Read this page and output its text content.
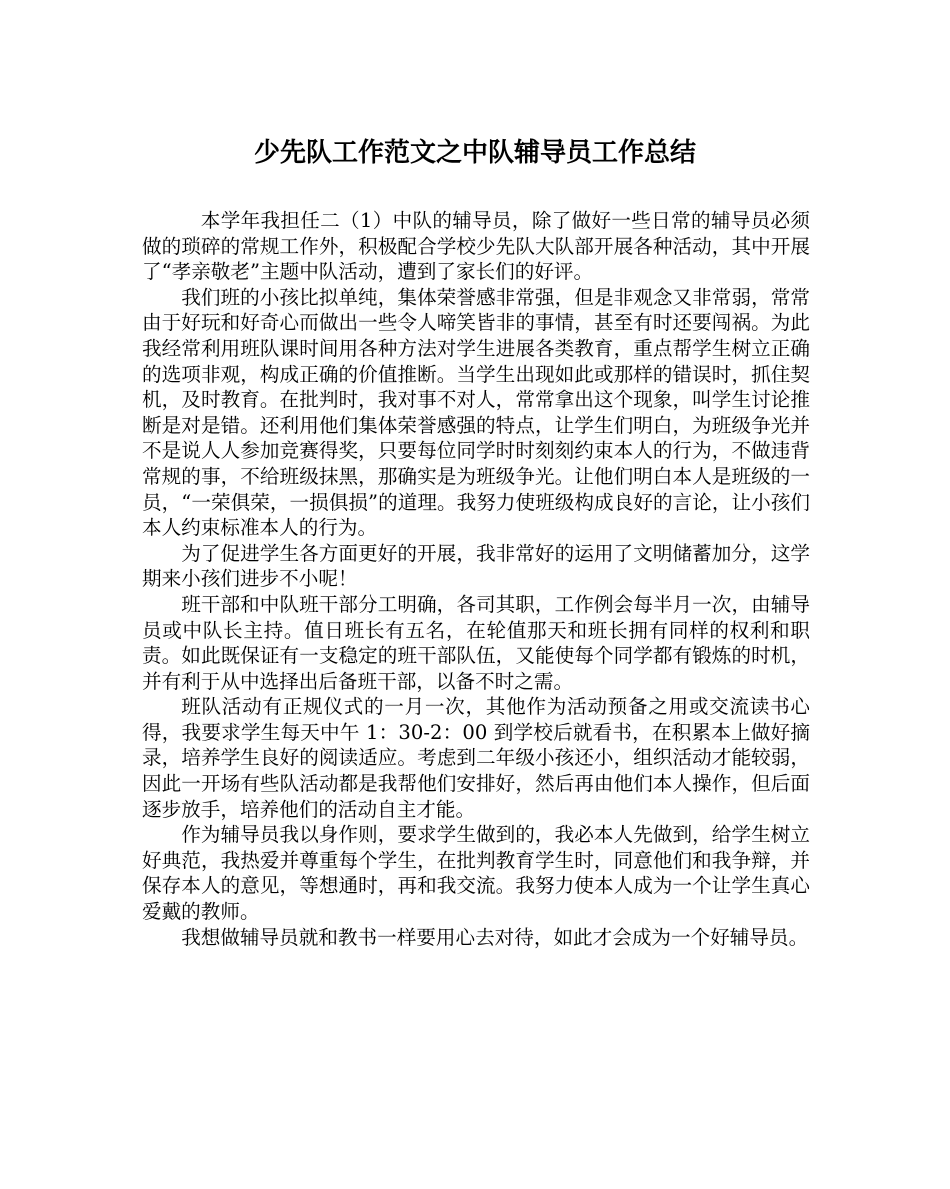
少先队工作范文之中队辅导员工作总结

本学年我担任二（1）中队的辅导员，除了做好一些日常的辅导员必须做的琐碎的常规工作外，积极配合学校少先队大队部开展各种活动，其中开展了“孝亲敬老”主题中队活动，遭到了家长们的好评。

我们班的小孩比拟单纯，集体荣誉感非常强，但是非观念又非常弱，常常由于好玩和好奇心而做出一些令人啼笑皆非的事情，甚至有时还要闯祸。为此我经常利用班队课时间用各种方法对学生进展各类教育，重点帮学生树立正确的选项非观，构成正确的价值推断。当学生出现如此或那样的错误时，抓住契机，及时教育。在批判时，我对事不对人，常常拿出这个现象，叫学生讨论推断是对是错。还利用他们集体荣誉感强的特点，让学生们明白，为班级争光并不是说人人参加竞赛得奖，只要每位同学时时刻刻约束本人的行为，不做违背常规的事，不给班级抹黑，那确实是为班级争光。让他们明白本人是班级的一员，“一荣俱荣，一损俱损”的道理。我努力使班级构成良好的言论，让小孩们本人约束标准本人的行为。

为了促进学生各方面更好的开展，我非常好的运用了文明储蓄加分，这学期来小孩们进步不小呢！

班干部和中队班干部分工明确，各司其职，工作例会每半月一次，由辅导员或中队长主持。值日班长有五名，在轮值那天和班长拥有同样的权利和职责。如此既保证有一支稳定的班干部队伍，又能使每个同学都有锻炼的时机，并有利于从中选择出后备班干部，以备不时之需。

班队活动有正规仪式的一月一次，其他作为活动预备之用或交流读书心得，我要求学生每天中午 1：30-2：00 到学校后就看书，在积累本上做好摘录，培养学生良好的阅读适应。考虑到二年级小孩还小，组织活动才能较弱，因此一开场有些队活动都是我帮他们安排好，然后再由他们本人操作，但后面逐步放手，培养他们的活动自主才能。

作为辅导员我以身作则，要求学生做到的，我必本人先做到，给学生树立好典范，我热爱并尊重每个学生，在批判教育学生时，同意他们和我争辩，并保存本人的意见，等想通时，再和我交流。我努力使本人成为一个让学生真心爱戴的教师。

我想做辅导员就和教书一样要用心去对待，如此才会成为一个好辅导员。
